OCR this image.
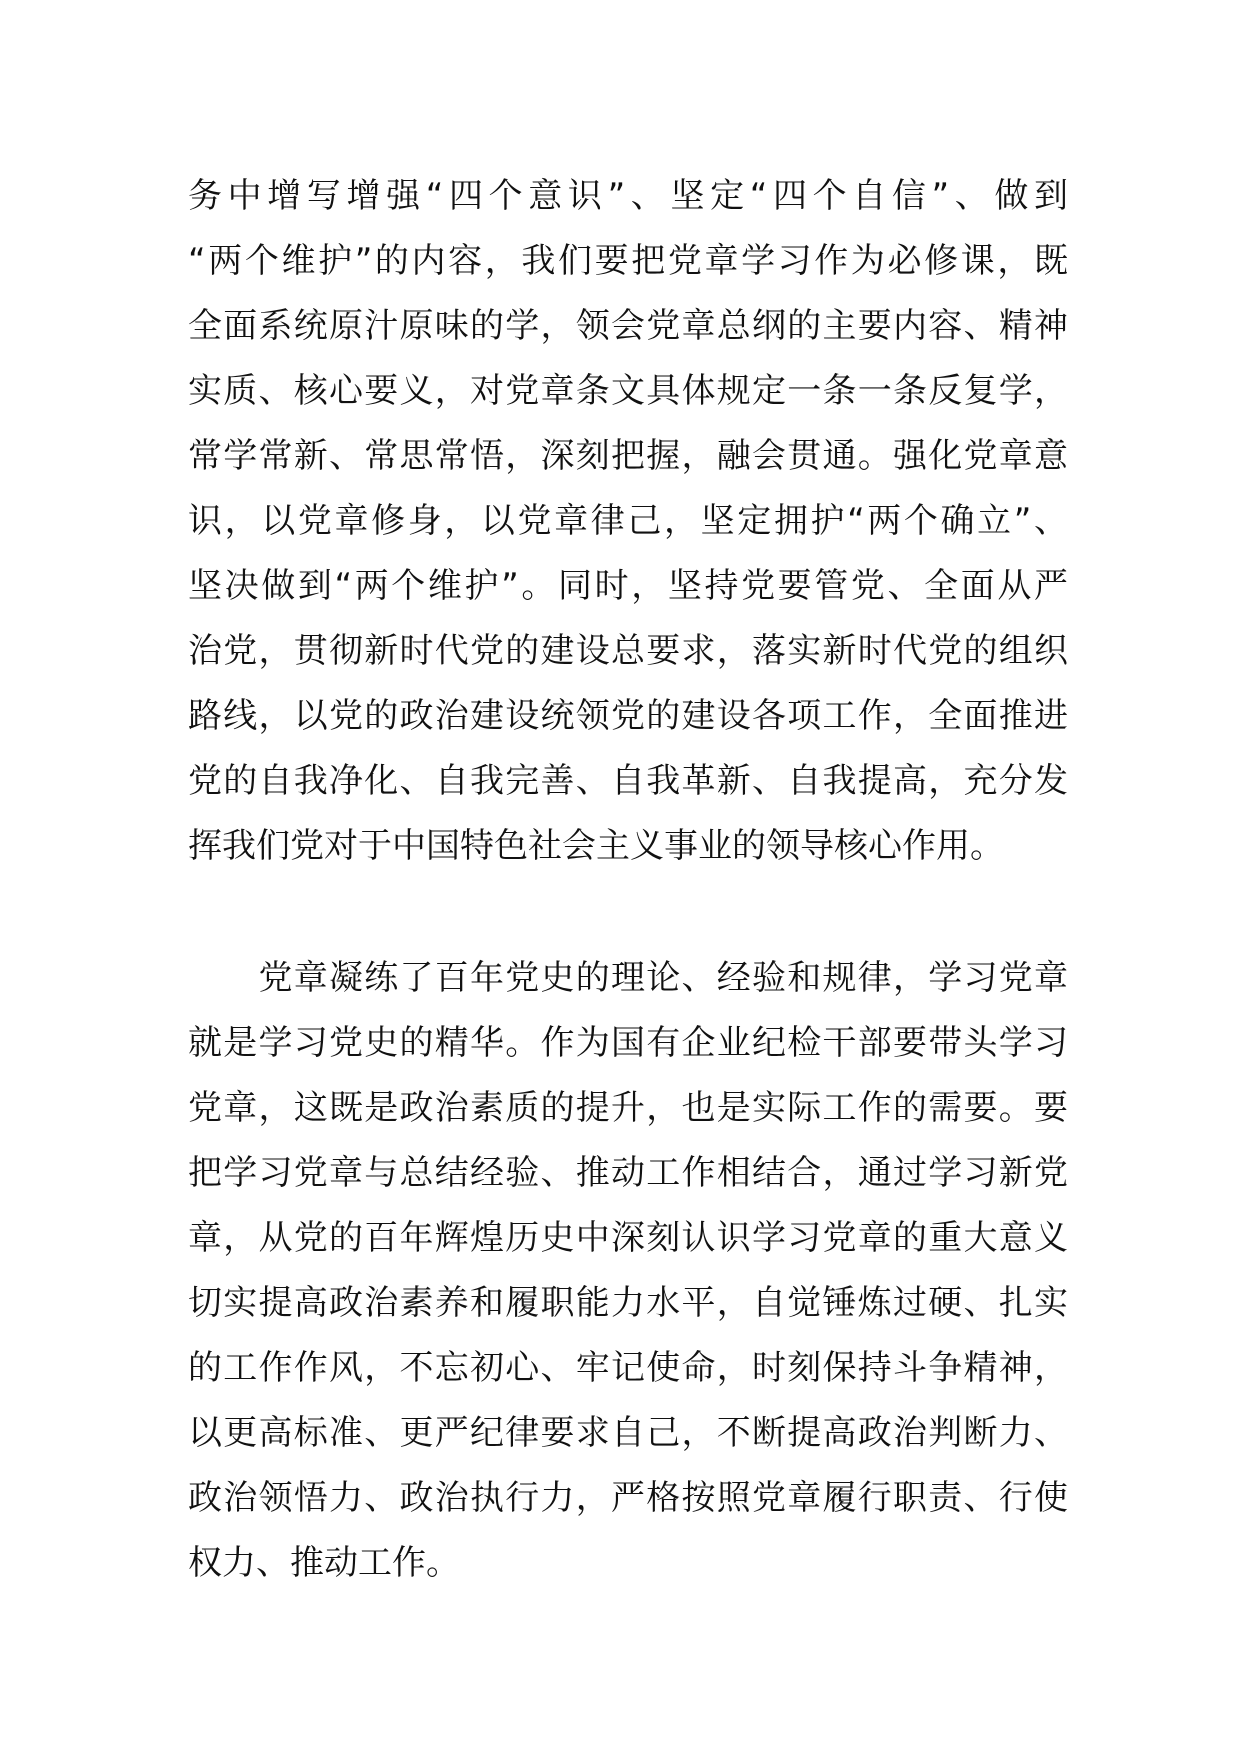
务中增写增强“四个意识”、坚定“四个自信”、做到
“两个维护”的内容，我们要把党章学习作为必修课，既
全面系统原汁原味的学，领会党章总纲的主要内容、精神
实质、核心要义，对党章条文具体规定一条一条反复学，
常学常新、常思常悟，深刻把握，融会贯通。强化党章意
识，以党章修身，以党章律己，坚定拥护“两个确立”、
坚决做到“两个维护”。同时，坚持党要管党、全面从严
治党，贯彻新时代党的建设总要求，落实新时代党的组织
路线，以党的政治建设统领党的建设各项工作，全面推进
党的自我净化、自我完善、自我革新、自我提高，充分发
挥我们党对于中国特色社会主义事业的领导核心作用。
　　党章凝练了百年党史的理论、经验和规律，学习党章
就是学习党史的精华。作为国有企业纪检干部要带头学习
党章，这既是政治素质的提升，也是实际工作的需要。要
把学习党章与总结经验、推动工作相结合，通过学习新党
章，从党的百年辉煌历史中深刻认识学习党章的重大意义
切实提高政治素养和履职能力水平，自觉锤炼过硬、扎实
的工作作风，不忘初心、牢记使命，时刻保持斗争精神，
以更高标准、更严纪律要求自己，不断提高政治判断力、
政治领悟力、政治执行力，严格按照党章履行职责、行使
权力、推动工作。
